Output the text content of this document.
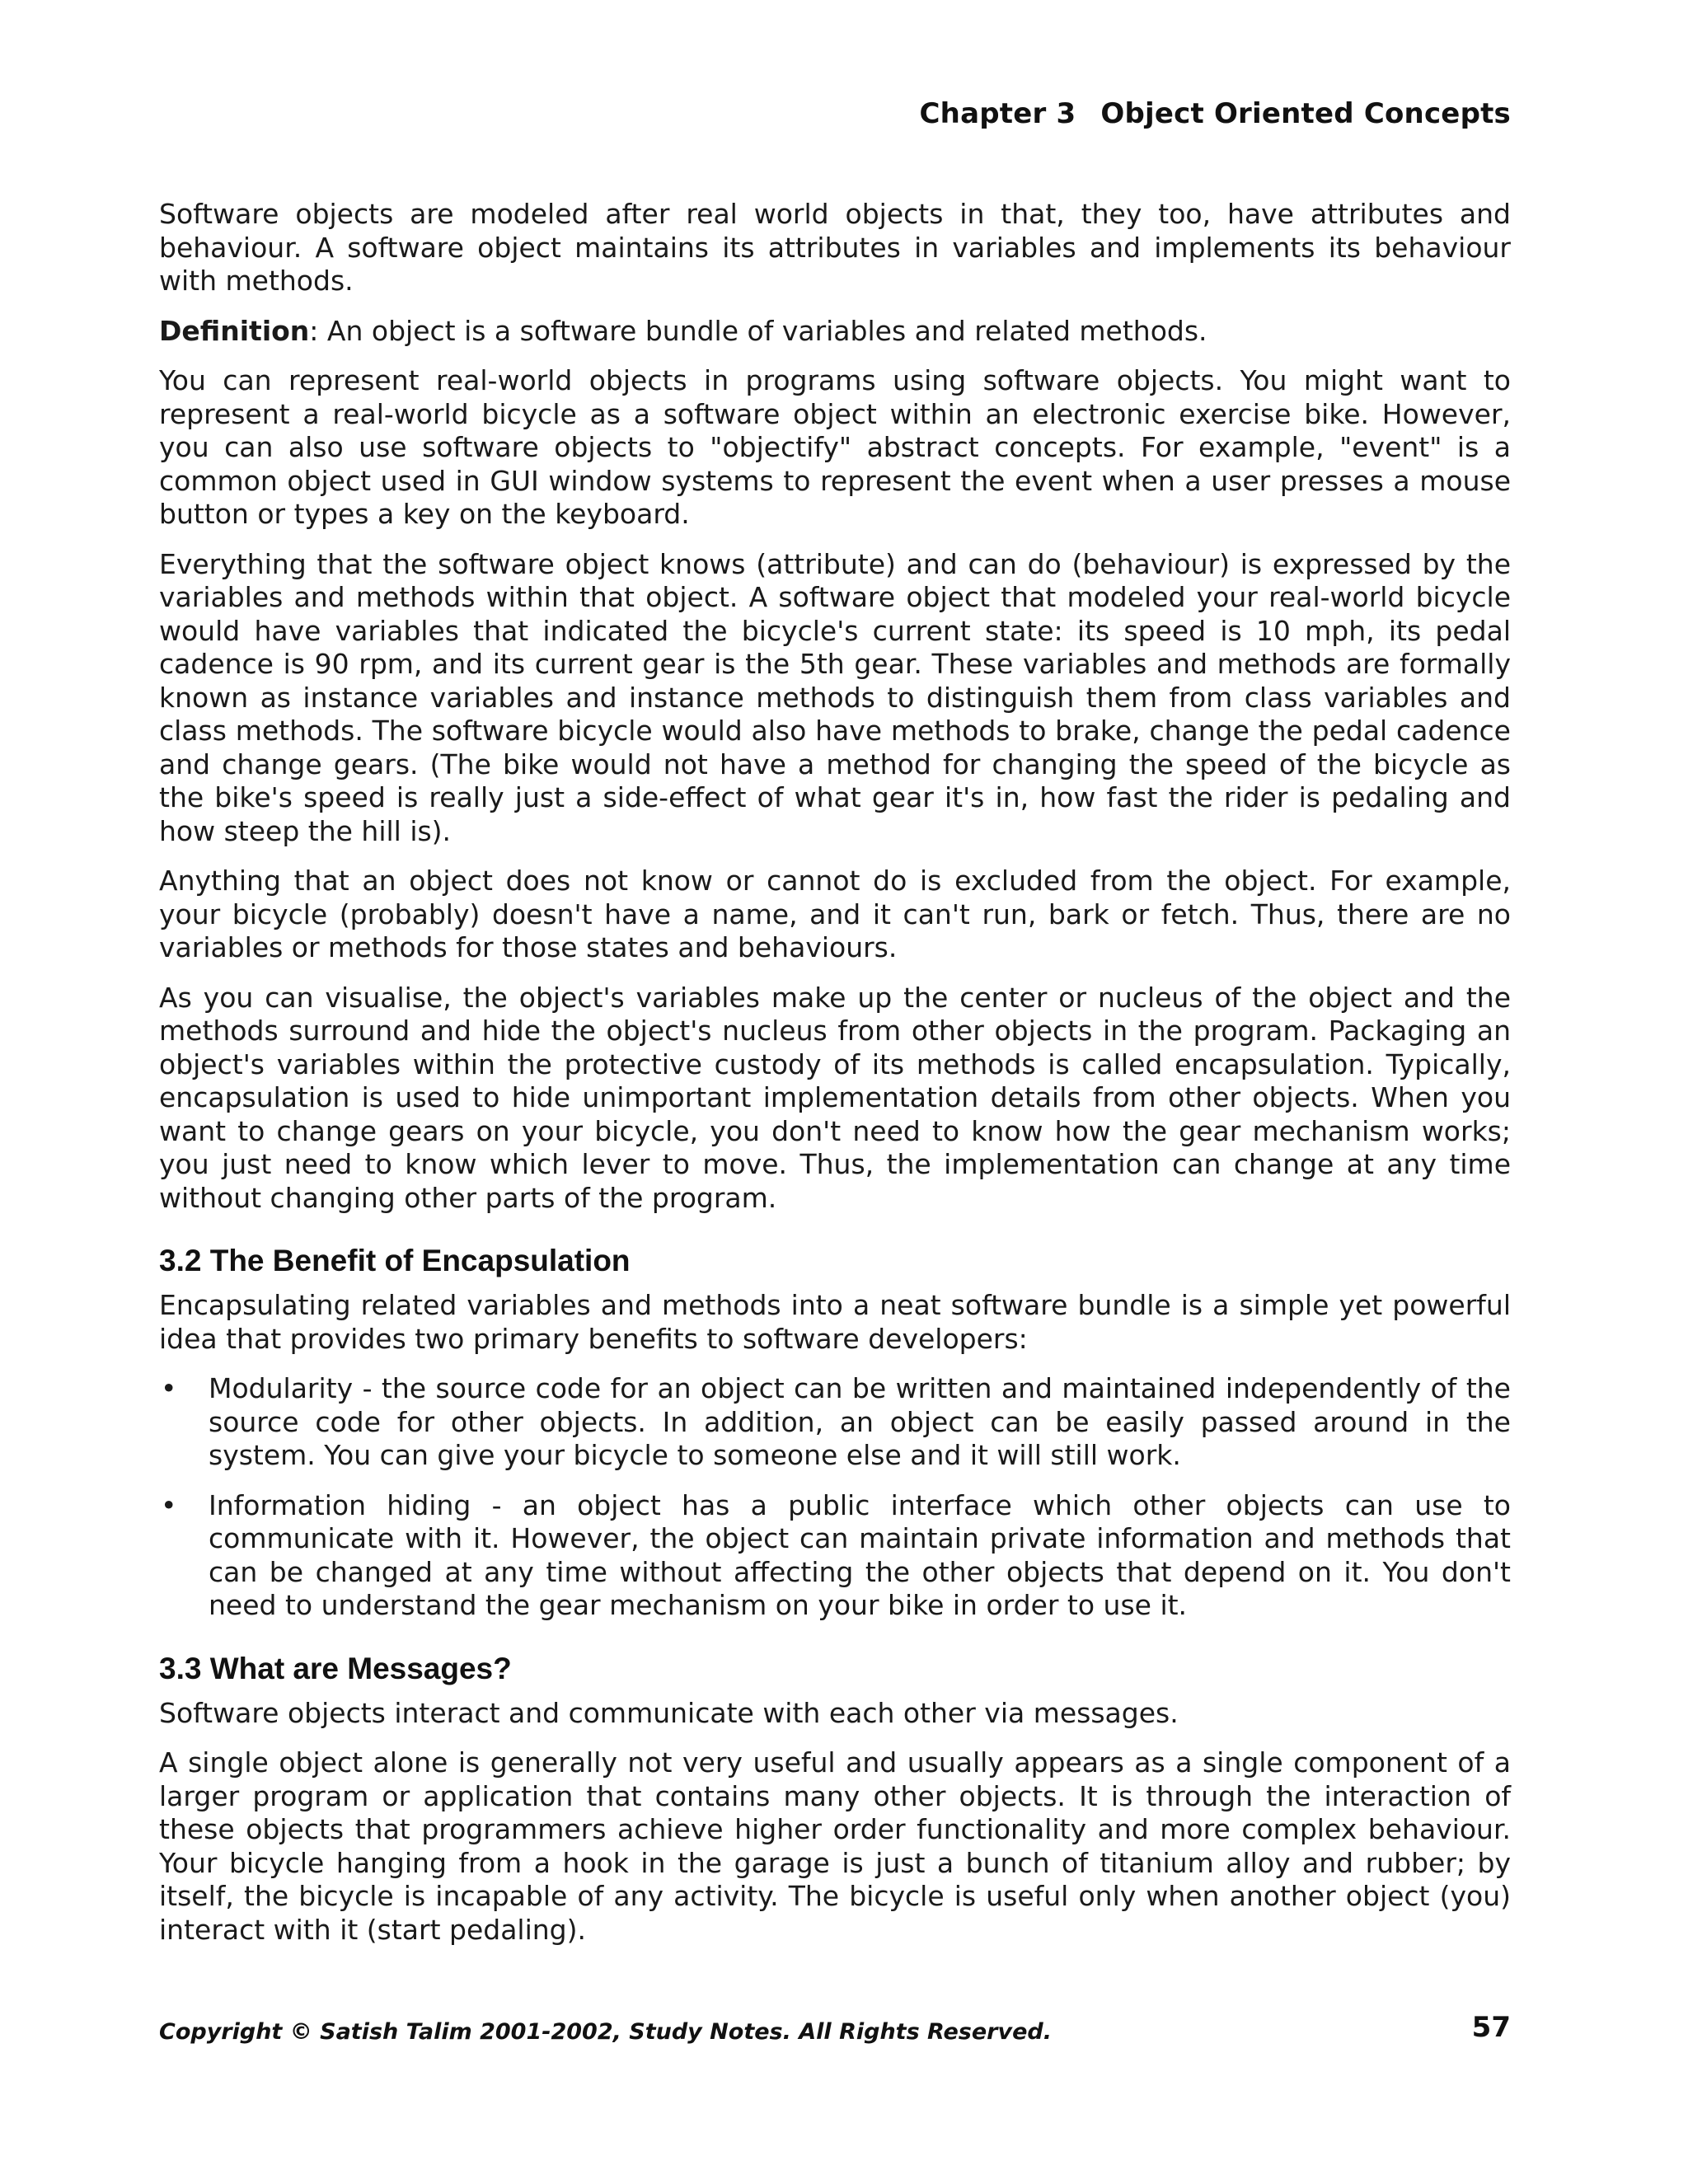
Chapter 3 Object Oriented Concepts

Software objects are modeled after real world objects in that, they too, have attributes and behaviour. A software object maintains its attributes in variables and implements its behaviour with methods.

Definition: An object is a software bundle of variables and related methods.

You can represent real-world objects in programs using software objects. You might want to represent a real-world bicycle as a software object within an electronic exercise bike. However, you can also use software objects to "objectify" abstract concepts. For example, "event" is a common object used in GUI window systems to represent the event when a user presses a mouse button or types a key on the keyboard.

Everything that the software object knows (attribute) and can do (behaviour) is expressed by the variables and methods within that object. A software object that modeled your real-world bicycle would have variables that indicated the bicycle's current state: its speed is 10 mph, its pedal cadence is 90 rpm, and its current gear is the 5th gear. These variables and methods are formally known as instance variables and instance methods to distinguish them from class variables and class methods. The software bicycle would also have methods to brake, change the pedal cadence and change gears. (The bike would not have a method for changing the speed of the bicycle as the bike's speed is really just a side-effect of what gear it's in, how fast the rider is pedaling and how steep the hill is).

Anything that an object does not know or cannot do is excluded from the object. For example, your bicycle (probably) doesn't have a name, and it can't run, bark or fetch. Thus, there are no variables or methods for those states and behaviours.

As you can visualise, the object's variables make up the center or nucleus of the object and the methods surround and hide the object's nucleus from other objects in the program. Packaging an object's variables within the protective custody of its methods is called encapsulation. Typically, encapsulation is used to hide unimportant implementation details from other objects. When you want to change gears on your bicycle, you don't need to know how the gear mechanism works; you just need to know which lever to move. Thus, the implementation can change at any time without changing other parts of the program.

3.2 The Benefit of Encapsulation

Encapsulating related variables and methods into a neat software bundle is a simple yet powerful idea that provides two primary benefits to software developers:

•	Modularity - the source code for an object can be written and maintained independently of the source code for other objects. In addition, an object can be easily passed around in the system. You can give your bicycle to someone else and it will still work.
•	Information hiding - an object has a public interface which other objects can use to communicate with it. However, the object can maintain private information and methods that can be changed at any time without affecting the other objects that depend on it. You don't need to understand the gear mechanism on your bike in order to use it.
3.3 What are Messages?

Software objects interact and communicate with each other via messages.

A single object alone is generally not very useful and usually appears as a single component of a larger program or application that contains many other objects. It is through the interaction of these objects that programmers achieve higher order functionality and more complex behaviour. Your bicycle hanging from a hook in the garage is just a bunch of titanium alloy and rubber; by itself, the bicycle is incapable of any activity. The bicycle is useful only when another object (you) interact with it (start pedaling).

Copyright © Satish Talim 2001-2002, Study Notes. All Rights Reserved.	57
